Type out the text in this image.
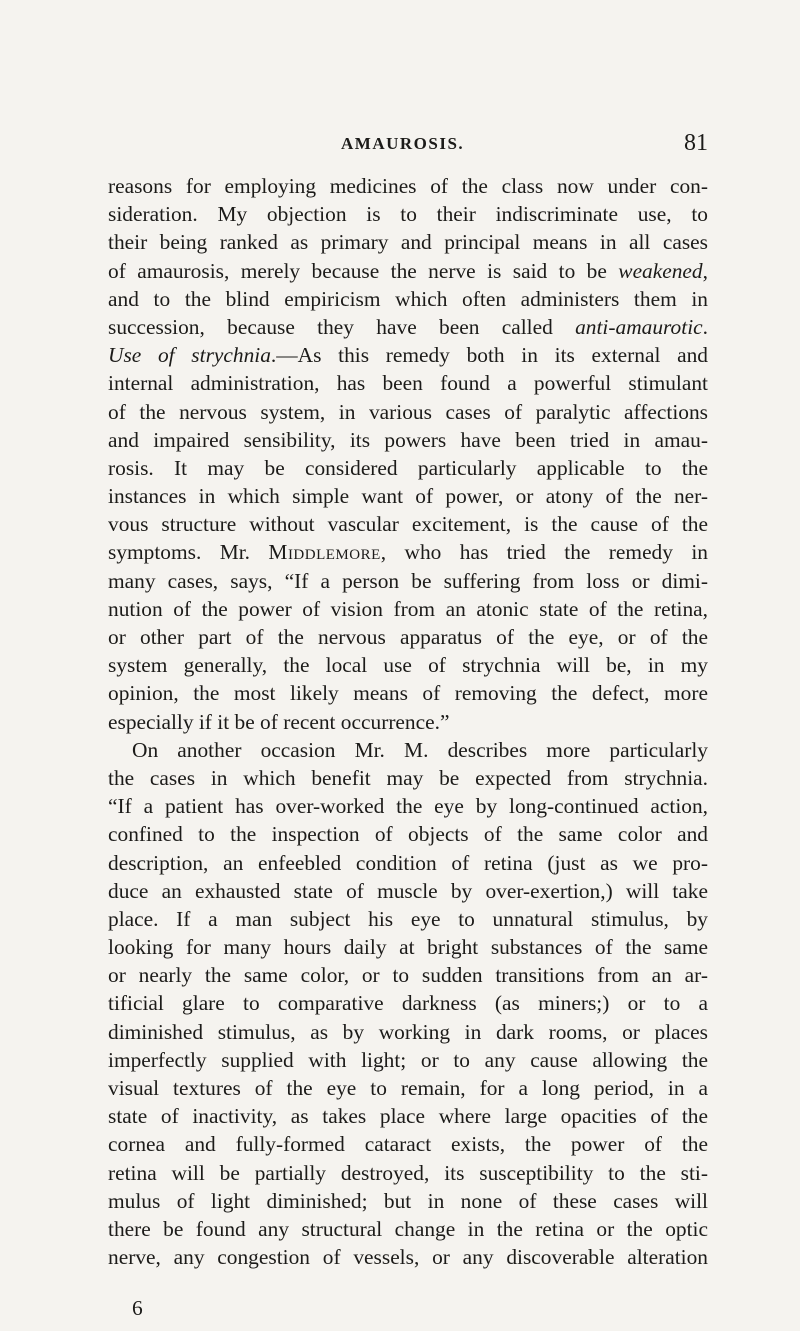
AMAUROSIS.	81
reasons for employing medicines of the class now under con-
sideration. My objection is to their indiscriminate use, to
their being ranked as primary and principal means in all cases
of amaurosis, merely because the nerve is said to be weakened,
and to the blind empiricism which often administers them in
succession, because they have been called anti-amaurotic.
Use of strychnia.—As this remedy both in its external and
internal administration, has been found a powerful stimulant
of the nervous system, in various cases of paralytic affections
and impaired sensibility, its powers have been tried in amau-
rosis. It may be considered particularly applicable to the
instances in which simple want of power, or atony of the ner-
vous structure without vascular excitement, is the cause of the
symptoms. Mr. Middlemore, who has tried the remedy in
many cases, says, “If a person be suffering from loss or dimi-
nution of the power of vision from an atonic state of the retina,
or other part of the nervous apparatus of the eye, or of the
system generally, the local use of strychnia will be, in my
opinion, the most likely means of removing the defect, more
especially if it be of recent occurrence.”
On another occasion Mr. M. describes more particularly
the cases in which benefit may be expected from strychnia.
“If a patient has over-worked the eye by long-continued action,
confined to the inspection of objects of the same color and
description, an enfeebled condition of retina (just as we pro-
duce an exhausted state of muscle by over-exertion,) will take
place. If a man subject his eye to unnatural stimulus, by
looking for many hours daily at bright substances of the same
or nearly the same color, or to sudden transitions from an ar-
tificial glare to comparative darkness (as miners;) or to a
diminished stimulus, as by working in dark rooms, or places
imperfectly supplied with light; or to any cause allowing the
visual textures of the eye to remain, for a long period, in a
state of inactivity, as takes place where large opacities of the
cornea and fully-formed cataract exists, the power of the
retina will be partially destroyed, its susceptibility to the sti-
mulus of light diminished; but in none of these cases will
there be found any structural change in the retina or the optic
nerve, any congestion of vessels, or any discoverable alteration
6
